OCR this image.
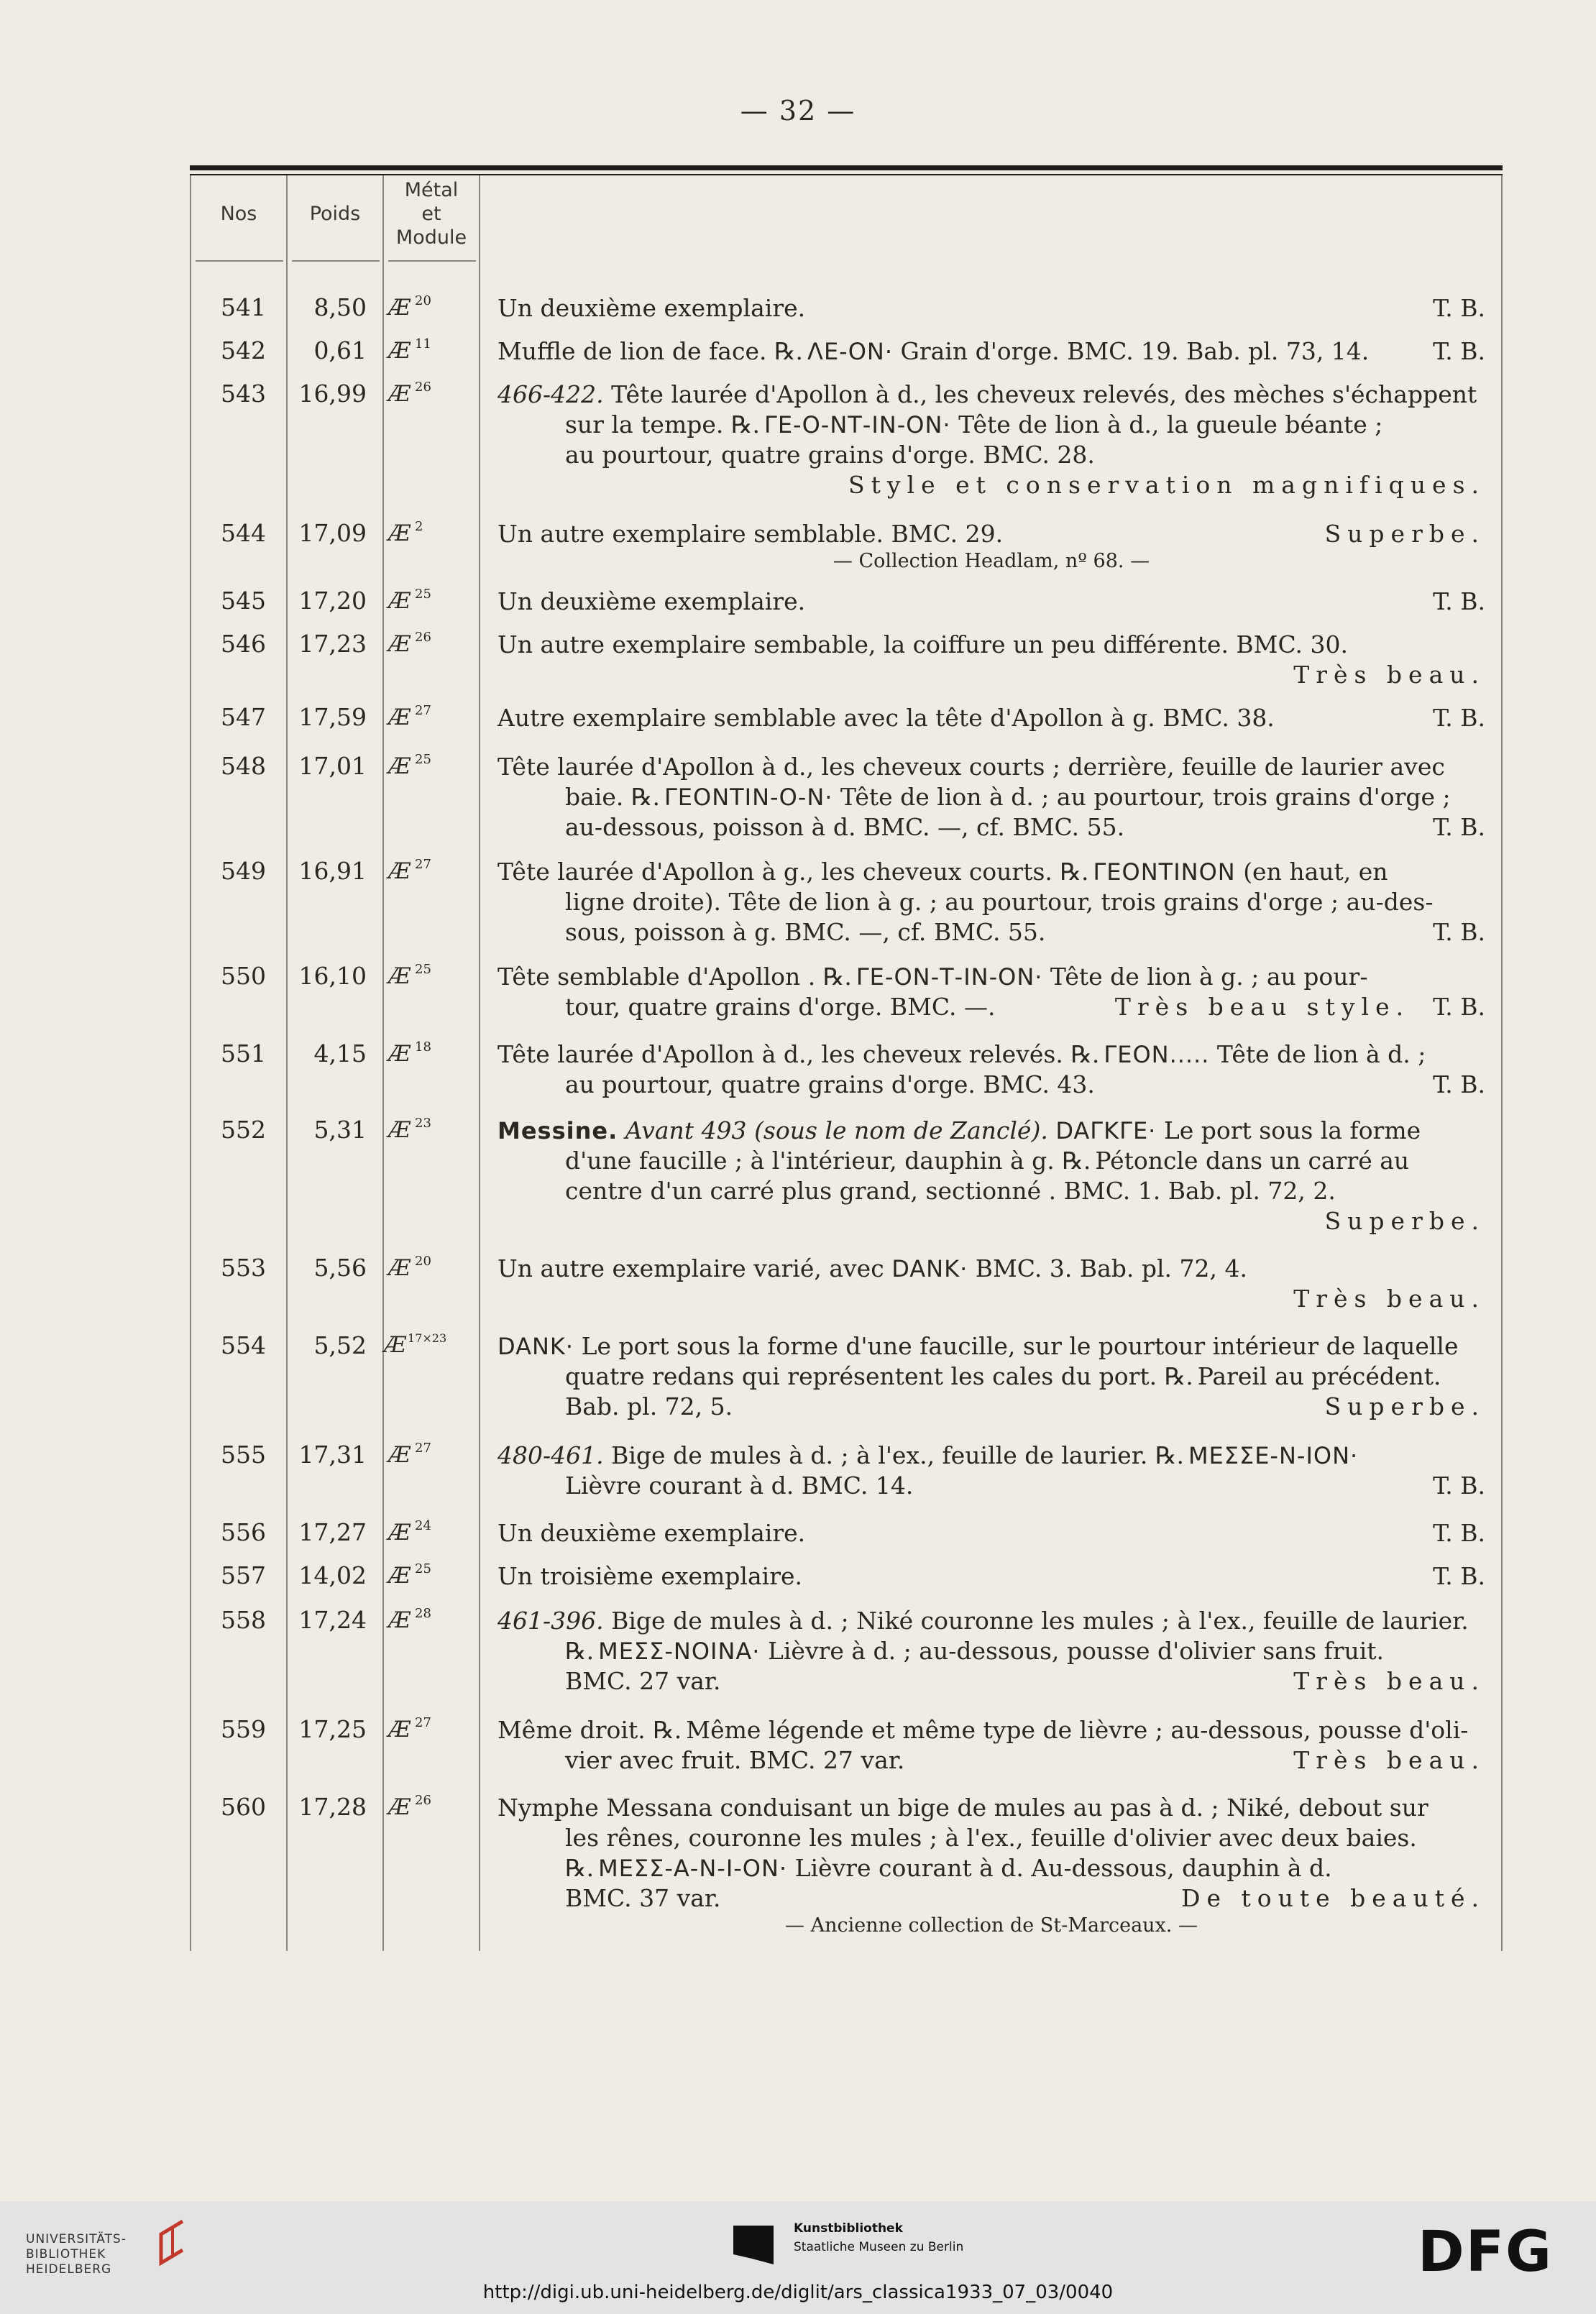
— 32 —
Nos	Poids
Métal
et
Module
541	8,50 Æ $^{20}$	Un deuxième exemplaire.	T. B.
542	0,61 Æ $^{11}$	Muffle de lion de face. ℞. ΛΕ-ΟΝ· Grain d'orge. BMC. 19. Bab. pl. 73, 14.	T. B.
543	16,99 Æ $^{26}$	466-422. Tête laurée d'Apollon à d., les cheveux relevés, des mèches s'échappent
sur la tempe. ℞. ΓΕ-Ο-ΝΤ-ΙΝ-ΟΝ· Tête de lion à d., la gueule béante ;
au pourtour, quatre grains d'orge. BMC. 28.
Style et conservation magnifiques.
544	17,09 Æ $^2$	Un autre exemplaire semblable. BMC. 29.	Superbe.
— Collection Headlam, nº 68. —
545	17,20 Æ $^{25}$	Un deuxième exemplaire.	T. B.
546	17,23 Æ $^{26}$	Un autre exemplaire sembable, la coiffure un peu différente. BMC. 30.
Très beau.
547	17,59 Æ $^{27}$	Autre exemplaire semblable avec la tête d'Apollon à g. BMC. 38.	T. B.
548	17,01 Æ $^{25}$	Tête laurée d'Apollon à d., les cheveux courts ; derrière, feuille de laurier avec
baie. ℞. ΓΕΟΝΤΙΝ-Ο-Ν· Tête de lion à d. ; au pourtour, trois grains d'orge ;
au-dessous, poisson à d. BMC. —, cf. BMC. 55.	T. B.
549	16,91 Æ $^{27}$	Tête laurée d'Apollon à g., les cheveux courts. ℞. ΓΕΟΝΤΙΝΟΝ (en haut, en
ligne droite). Tête de lion à g. ; au pourtour, trois grains d'orge ; au-des-
sous, poisson à g. BMC. —, cf. BMC. 55.	T. B.
550	16,10 Æ $^{25}$	Tête semblable d'Apollon . ℞. ΓΕ-ΟΝ-Τ-ΙΝ-ΟΝ· Tête de lion à g. ; au pour-
tour, quatre grains d'orge. BMC. —.	T. B.
Très beau style.
551	4,15 Æ $^{18}$	Tête laurée d'Apollon à d., les cheveux relevés. ℞. ΓΕΟΝ..... Tête de lion à d. ;
au pourtour, quatre grains d'orge. BMC. 43.	T. B.
552	5,31 Æ $^{23}$	Messine. Avant 493 (sous le nom de Zanclé). DAΓΚΓΕ· Le port sous la forme
d'une faucille ; à l'intérieur, dauphin à g. ℞. Pétoncle dans un carré au
centre d'un carré plus grand, sectionné . BMC. 1. Bab. pl. 72, 2.
Superbe.
553	5,56 Æ $^{20}$	Un autre exemplaire varié, avec DANK· BMC. 3. Bab. pl. 72, 4.
Très beau.
554	5,52 Æ $^{17\times 23}$	DANK· Le port sous la forme d'une faucille, sur le pourtour intérieur de laquelle
quatre redans qui représentent les cales du port. ℞. Pareil au précédent.
Bab. pl. 72, 5.	Superbe.
555	17,31 Æ $^{27}$	480-461. Bige de mules à d. ; à l'ex., feuille de laurier. ℞. ΜΕΣΣΕ-Ν-ΙΟΝ·
Lièvre courant à d. BMC. 14.	T. B.
556	17,27 Æ $^{24}$	Un deuxième exemplaire.	T. B.
557	14,02 Æ $^{25}$	Un troisième exemplaire.	T. B.
558	17,24 Æ $^{28}$	461-396. Bige de mules à d. ; Niké couronne les mules ; à l'ex., feuille de laurier.
℞. ΜΕΣΣ-ΝΟΙΝΑ· Lièvre à d. ; au-dessous, pousse d'olivier sans fruit.
BMC. 27 var.	Très beau.
559	17,25 Æ $^{27}$	Même droit. ℞. Même légende et même type de lièvre ; au-dessous, pousse d'oli-
vier avec fruit. BMC. 27 var.	Très beau.
560	17,28 Æ $^{26}$	Nymphe Messana conduisant un bige de mules au pas à d. ; Niké, debout sur
les rênes, couronne les mules ; à l'ex., feuille d'olivier avec deux baies.
℞. ΜΕΣΣ-Α-Ν-Ι-ΟΝ· Lièvre courant à d. Au-dessous, dauphin à d.
BMC. 37 var.	De toute beauté.
— Ancienne collection de St-Marceaux. —
UNIVERSITÄTS-
BIBLIOTHEK
HEIDELBERG
Kunstbibliothek
Staatliche Museen zu Berlin	DFG
http://digi.ub.uni-heidelberg.de/diglit/ars_classica1933_07_03/0040
